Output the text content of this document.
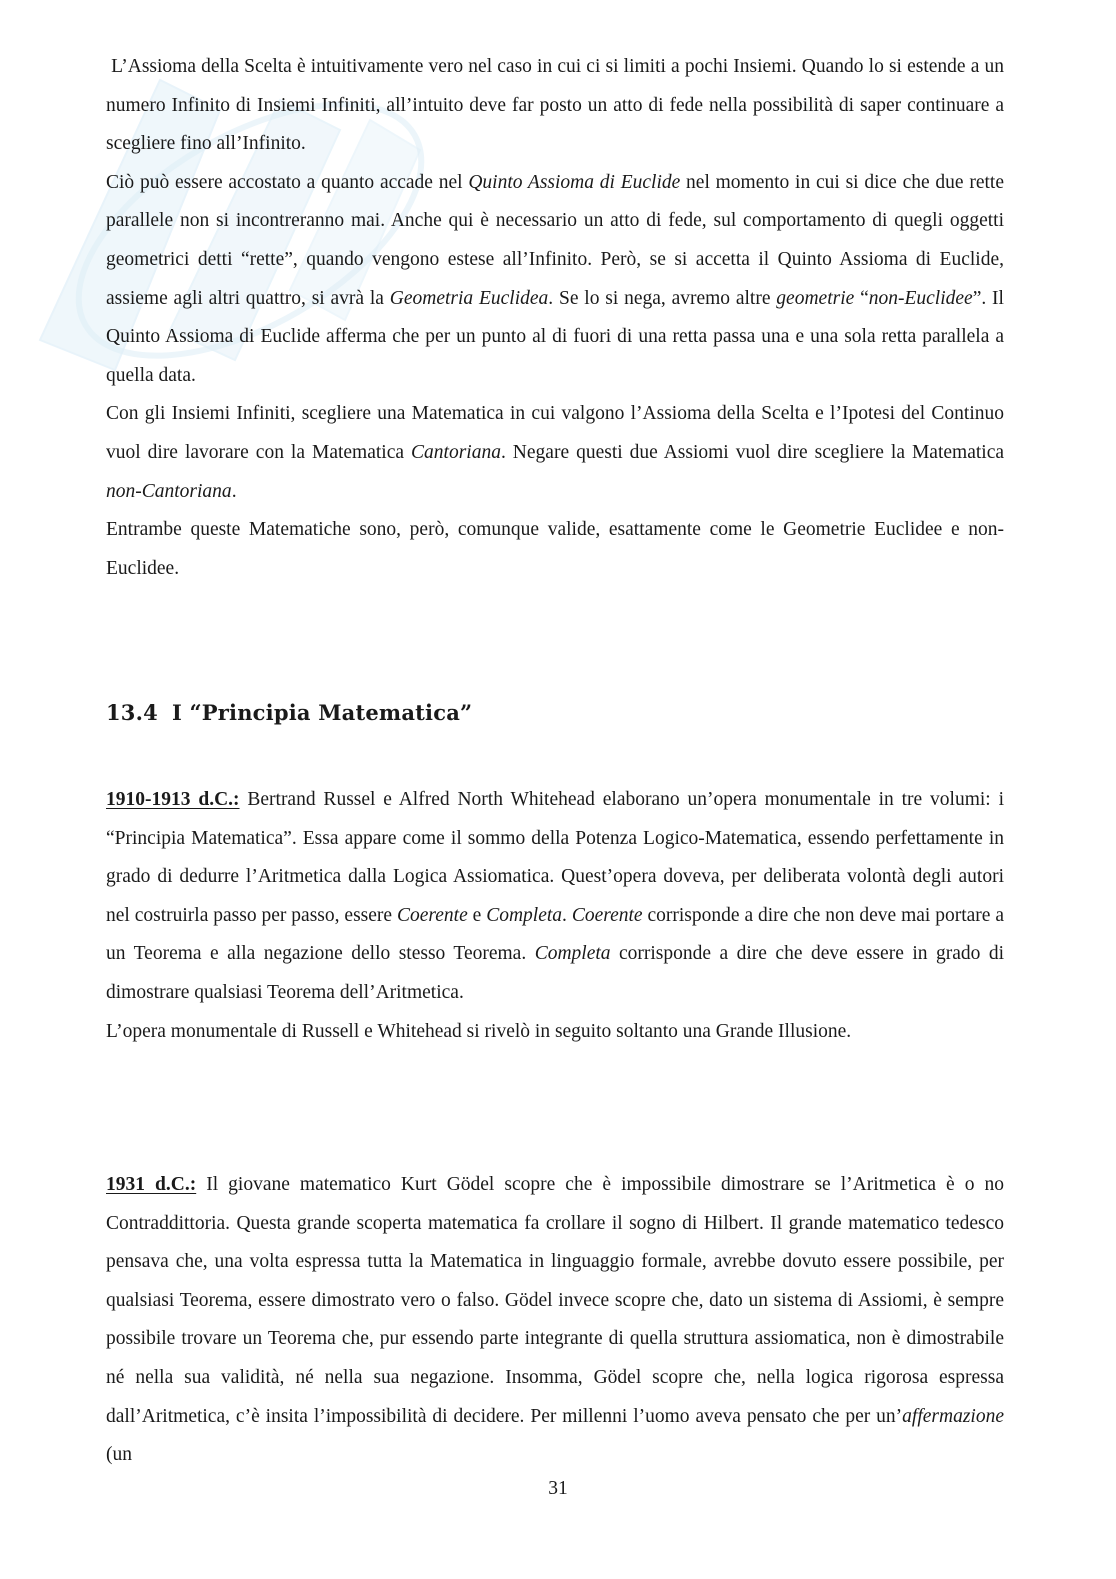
L’Assioma della Scelta è intuitivamente vero nel caso in cui ci si limiti a pochi Insiemi. Quando lo si estende a un numero Infinito di Insiemi Infiniti, all’intuito deve far posto un atto di fede nella possibilità di saper continuare a scegliere fino all’Infinito.

Ciò può essere accostato a quanto accade nel Quinto Assioma di Euclide nel momento in cui si dice che due rette parallele non si incontreranno mai. Anche qui è necessario un atto di fede, sul comportamento di quegli oggetti geometrici detti “rette”, quando vengono estese all’Infinito. Però, se si accetta il Quinto Assioma di Euclide, assieme agli altri quattro, si avrà la Geometria Euclidea. Se lo si nega, avremo altre geometrie “non-Euclidee”. Il Quinto Assioma di Euclide afferma che per un punto al di fuori di una retta passa una e una sola retta parallela a quella data.

Con gli Insiemi Infiniti, scegliere una Matematica in cui valgono l’Assioma della Scelta e l’Ipotesi del Continuo vuol dire lavorare con la Matematica Cantoriana. Negare questi due Assiomi vuol dire scegliere la Matematica non-Cantoriana.

Entrambe queste Matematiche sono, però, comunque valide, esattamente come le Geometrie Euclidee e non-Euclidee.

13.4 I “Principia Matematica”

1910-1913 d.C.: Bertrand Russel e Alfred North Whitehead elaborano un’opera monumentale in tre volumi: i “Principia Matematica”. Essa appare come il sommo della Potenza Logico-Matematica, essendo perfettamente in grado di dedurre l’Aritmetica dalla Logica Assiomatica. Quest’opera doveva, per deliberata volontà degli autori nel costruirla passo per passo, essere Coerente e Completa. Coerente corrisponde a dire che non deve mai portare a un Teorema e alla negazione dello stesso Teorema. Completa corrisponde a dire che deve essere in grado di dimostrare qualsiasi Teorema dell’Aritmetica.

L’opera monumentale di Russell e Whitehead si rivelò in seguito soltanto una Grande Illusione.

1931 d.C.: Il giovane matematico Kurt Gödel scopre che è impossibile dimostrare se l’Aritmetica è o no Contraddittoria. Questa grande scoperta matematica fa crollare il sogno di Hilbert. Il grande matematico tedesco pensava che, una volta espressa tutta la Matematica in linguaggio formale, avrebbe dovuto essere possibile, per qualsiasi Teorema, essere dimostrato vero o falso. Gödel invece scopre che, dato un sistema di Assiomi, è sempre possibile trovare un Teorema che, pur essendo parte integrante di quella struttura assiomatica, non è dimostrabile né nella sua validità, né nella sua negazione. Insomma, Gödel scopre che, nella logica rigorosa espressa dall’Aritmetica, c’è insita l’impossibilità di decidere. Per millenni l’uomo aveva pensato che per un’affermazione (un

31
